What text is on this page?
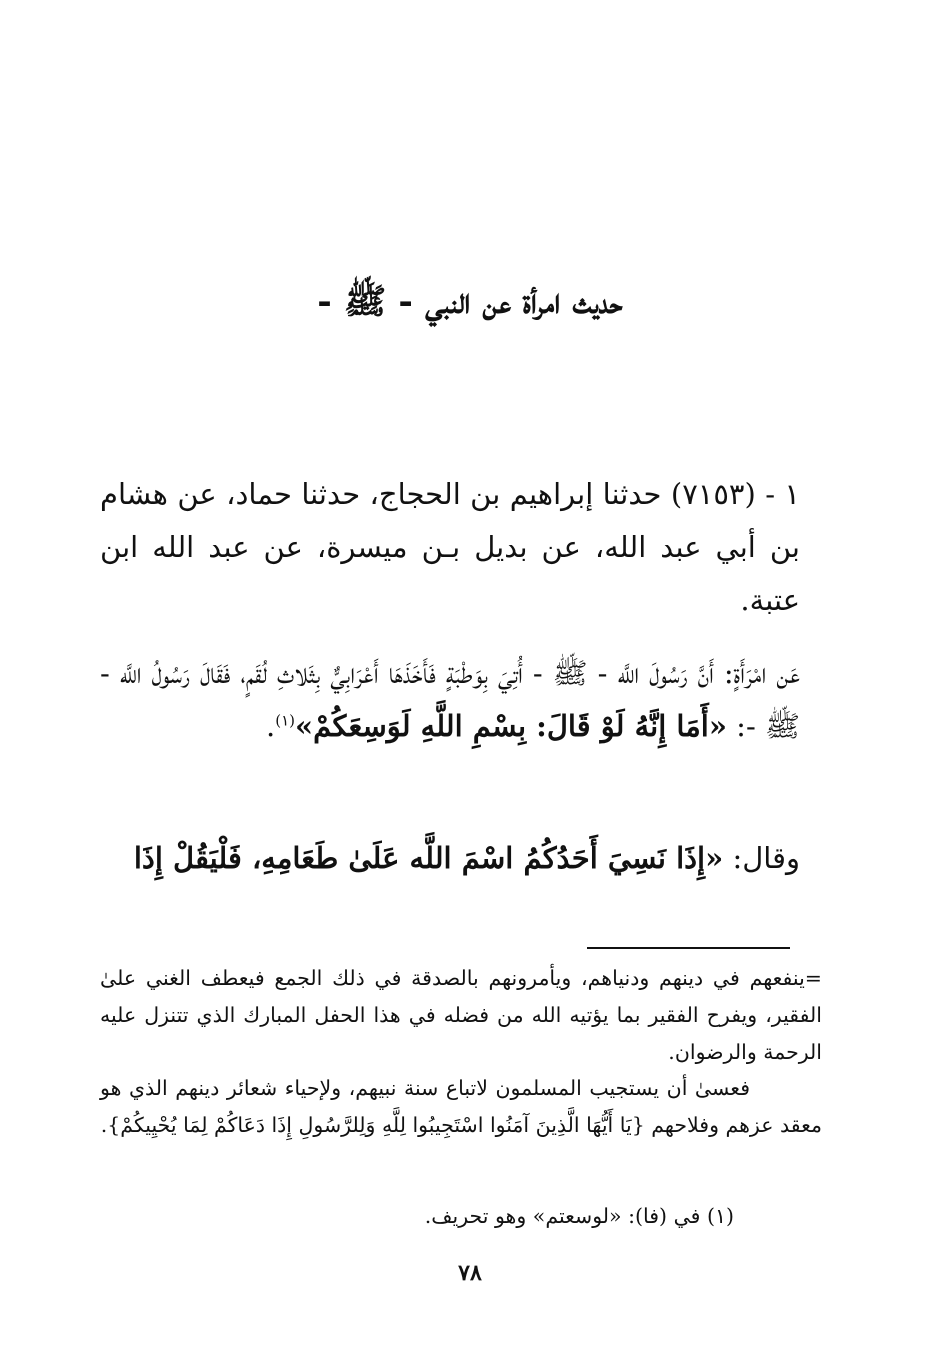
حديث امرأة عن النبي - ﷺ -
١ - (٧١٥٣) حدثنا إبراهيم بن الحجاج، حدثنا حماد، عن هشام بن أبي عبد الله، عن بديل بـن ميسرة، عن عبد الله ابن عتبة.
عَن امْرَأَةٍ: أَنَّ رَسُولَ اللَّه - ﷺ - أُتِيَ بِوَطْبَةٍ فَأَخَذَهَا أَعْرَابِيٌّ بِثَلاثِ لُقَمٍ، فَقَالَ رَسُولُ اللَّه - ﷺ -: «أَمَا إِنَّهُ لَوْ قَالَ: بِسْمِ اللَّهِ لَوَسِعَكُمْ»$^{(١)}$.
وقال: «إِذَا نَسِيَ أَحَدُكُمُ اسْمَ اللَّه عَلَىٰ طَعَامِهِ، فَلْيَقُلْ إِذَا
=ينفعهم في دينهم ودنياهم، ويأمرونهم بالصدقة في ذلك الجمع فيعطف الغني علىٰ الفقير، ويفرح الفقير بما يؤتيه الله من فضله في هذا الحفل المبارك الذي تتنزل عليه الرحمة والرضوان.
فعسىٰ أن يستجيب المسلمون لاتباع سنة نبيهم، ولإحياء شعائر دينهم الذي هو معقد عزهم وفلاحهم {يَا أَيُّهَا الَّذِينَ آمَنُوا اسْتَجِيبُوا لِلَّهِ وَلِلرَّسُولِ إِذَا دَعَاكُمْ لِمَا يُحْيِيكُمْ}.
(١) في (فا): «لوسعتم» وهو تحريف.
٧٨
